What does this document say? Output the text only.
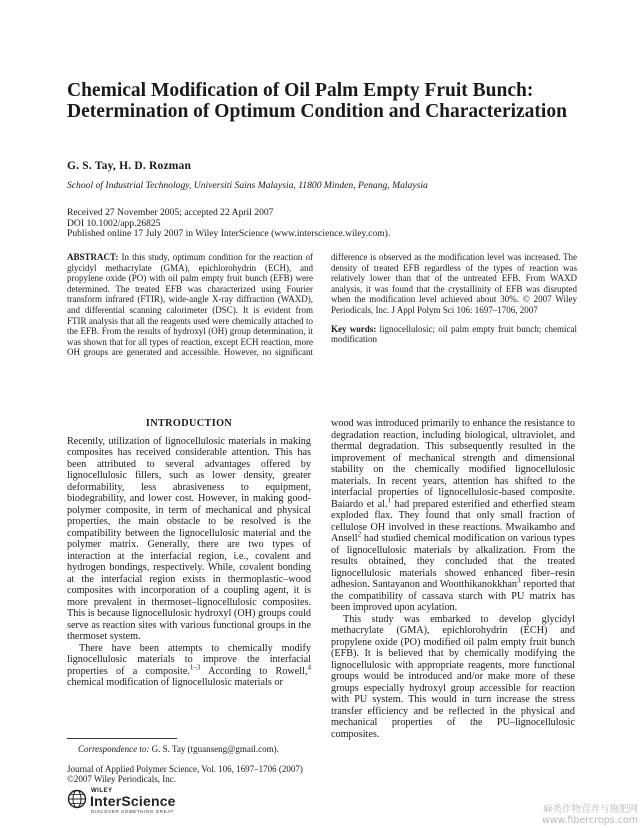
Chemical Modification of Oil Palm Empty Fruit Bunch: Determination of Optimum Condition and Characterization
G. S. Tay, H. D. Rozman
School of Industrial Technology, Universiti Sains Malaysia, 11800 Minden, Penang, Malaysia
Received 27 November 2005; accepted 22 April 2007
DOI 10.1002/app.26825
Published online 17 July 2007 in Wiley InterScience (www.interscience.wiley.com).

ABSTRACT: In this study, optimum condition for the reaction of glycidyl methacrylate (GMA), epichlorohydrin (ECH), and propylene oxide (PO) with oil palm empty fruit bunch (EFB) were determined. The treated EFB was characterized using Fourier transform infrared (FTIR), wide-angle X-ray diffraction (WAXD), and differential scanning calorimeter (DSC). It is evident from FTIR analysis that all the reagents used were chemically attached to the EFB. From the results of hydroxyl (OH) group determination, it was shown that for all types of reaction, except ECH reaction, more OH groups are generated and accessible. However, no significant difference is observed as the modification level was increased. The density of treated EFB regardless of the types of reaction was relatively lower than that of the untreated EFB. From WAXD analysis, it was found that the crystallinity of EFB was disrupted when the modification level achieved about 30%. © 2007 Wiley Periodicals, Inc. J Appl Polym Sci 106: 1697–1706, 2007

Key words: lignocellulosic; oil palm empty fruit bunch; chemical modification

INTRODUCTION

Recently, utilization of lignocellulosic materials in making composites has received considerable attention. This has been attributed to several advantages offered by lignocellulosic fillers, such as lower density, greater deformability, less abrasiveness to equipment, biodegrability, and lower cost. However, in making good-polymer composite, in term of mechanical and physical properties, the main obstacle to be resolved is the compatibility between the lignocellulosic material and the polymer matrix. Generally, there are two types of interaction at the interfacial region, i.e., covalent and hydrogen bondings, respectively. While, covalent bonding at the interfacial region exists in thermoplastic–wood composites with incorporation of a coupling agent, it is more prevalent in thermoset–lignocellulosic composites. This is because lignocellulosic hydroxyl (OH) groups could serve as reaction sites with various functional groups in the thermoset system.

There have been attempts to chemically modify lignocellulosic materials to improve the interfacial properties of a composite.$^{1-3}$ According to Rowell,$^4$ chemical modification of lignocellulosic materials or

wood was introduced primarily to enhance the resistance to degradation reaction, including biological, ultraviolet, and thermal degradation. This subsequently resulted in the improvement of mechanical strength and dimensional stability on the chemically modified lignocellulosic materials. In recent years, attention has shifted to the interfacial properties of lignocellulosic-based composite. Baiardo et al.$^1$ had prepared esterified and etherfied steam exploded flax. They found that only small fraction of cellulose OH involved in these reactions. Mwaikambo and Ansell$^2$ had studied chemical modification on various types of lignocellulosic materials by alkalization. From the results obtained, they concluded that the treated lignocellulosic materials showed enhanced fiber–resin adhesion. Santayanon and Wootthikanokkhan$^3$ reported that the compatibility of cassava starch with PU matrix has been improved upon acylation.

This study was embarked to develop glycidyl methacrylate (GMA), epichlorohydrin (ECH) and propylene oxide (PO) modified oil palm empty fruit bunch (EFB). It is believed that by chemically modifying the lignocellulosic with appropriate reagents, more functional groups would be introduced and/or make more of these groups especially hydroxyl group accessible for reaction with PU system. This would in turn increase the stress transfer efficiency and be reflected in the physical and mechanical properties of the PU–lignocellulosic composites.

Correspondence to: G. S. Tay (tguanseng@gmail.com).
Journal of Applied Polymer Science, Vol. 106, 1697–1706 (2007)
©2007 Wiley Periodicals, Inc.
WILEY
InterScience
DISCOVER SOMETHING GREAT	麻类作物营养与施肥网
www.fibercrops.com
